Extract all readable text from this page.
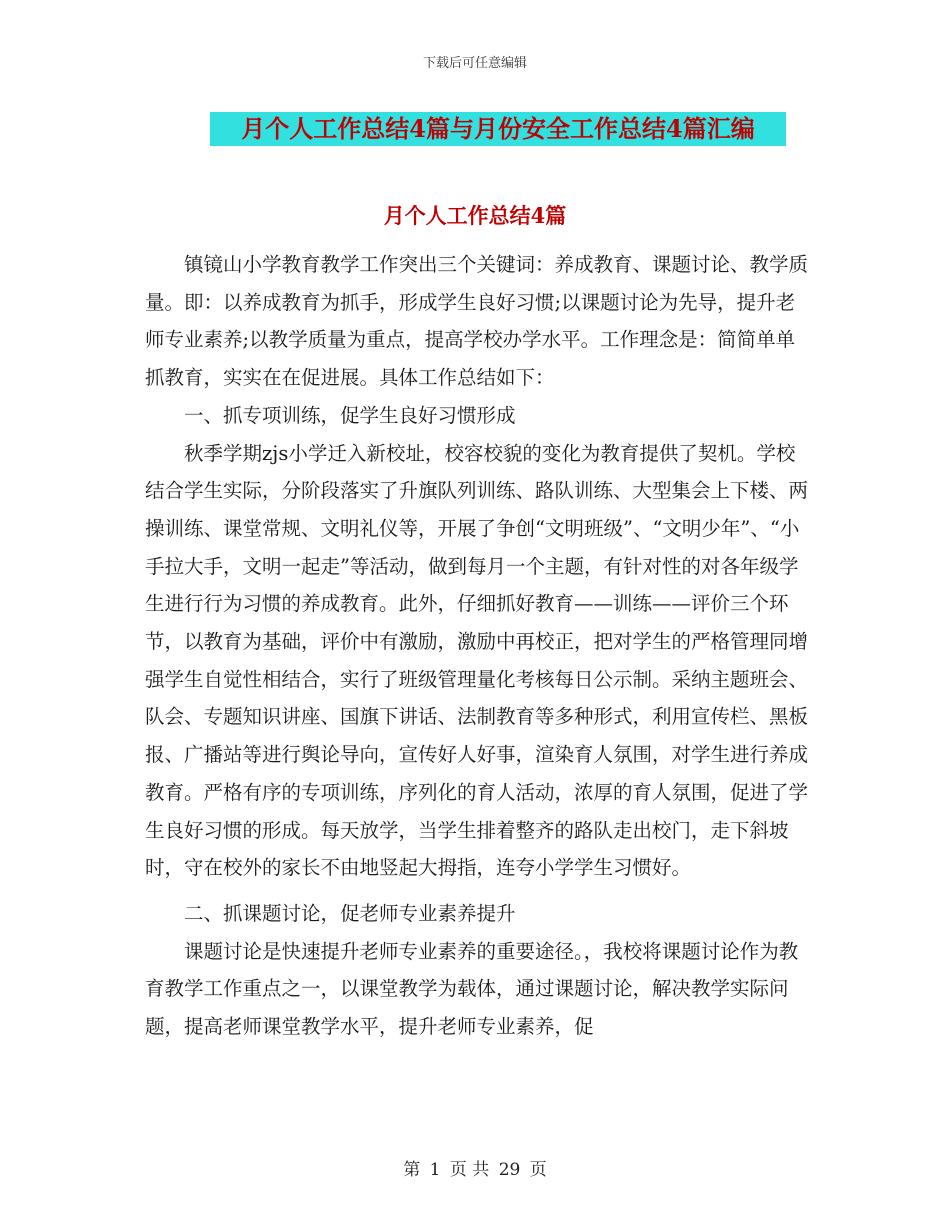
下载后可任意编辑
月个人工作总结4篇与月份安全工作总结4篇汇编
月个人工作总结4篇

镇镜山小学教育教学工作突出三个关键词：养成教育、课题讨论、教学质量。即：以养成教育为抓手，形成学生良好习惯;以课题讨论为先导，提升老师专业素养;以教学质量为重点，提高学校办学水平。工作理念是：简简单单抓教育，实实在在促进展。具体工作总结如下：

一、抓专项训练，促学生良好习惯形成

秋季学期zjs小学迁入新校址，校容校貌的变化为教育提供了契机。学校结合学生实际，分阶段落实了升旗队列训练、路队训练、大型集会上下楼、两操训练、课堂常规、文明礼仪等，开展了争创“文明班级”、“文明少年”、“小手拉大手，文明一起走”等活动，做到每月一个主题，有针对性的对各年级学生进行行为习惯的养成教育。此外，仔细抓好教育——训练——评价三个环节，以教育为基础，评价中有激励，激励中再校正，把对学生的严格管理同增强学生自觉性相结合，实行了班级管理量化考核每日公示制。采纳主题班会、队会、专题知识讲座、国旗下讲话、法制教育等多种形式，利用宣传栏、黑板报、广播站等进行舆论导向，宣传好人好事，渲染育人氛围，对学生进行养成教育。严格有序的专项训练，序列化的育人活动，浓厚的育人氛围，促进了学生良好习惯的形成。每天放学，当学生排着整齐的路队走出校门，走下斜坡时，守在校外的家长不由地竖起大拇指，连夸小学学生习惯好。

二、抓课题讨论，促老师专业素养提升

课题讨论是快速提升老师专业素养的重要途径。，我校将课题讨论作为教育教学工作重点之一，以课堂教学为载体，通过课题讨论，解决教学实际问题，提高老师课堂教学水平，提升老师专业素养，促

第 1 页 共 29 页
